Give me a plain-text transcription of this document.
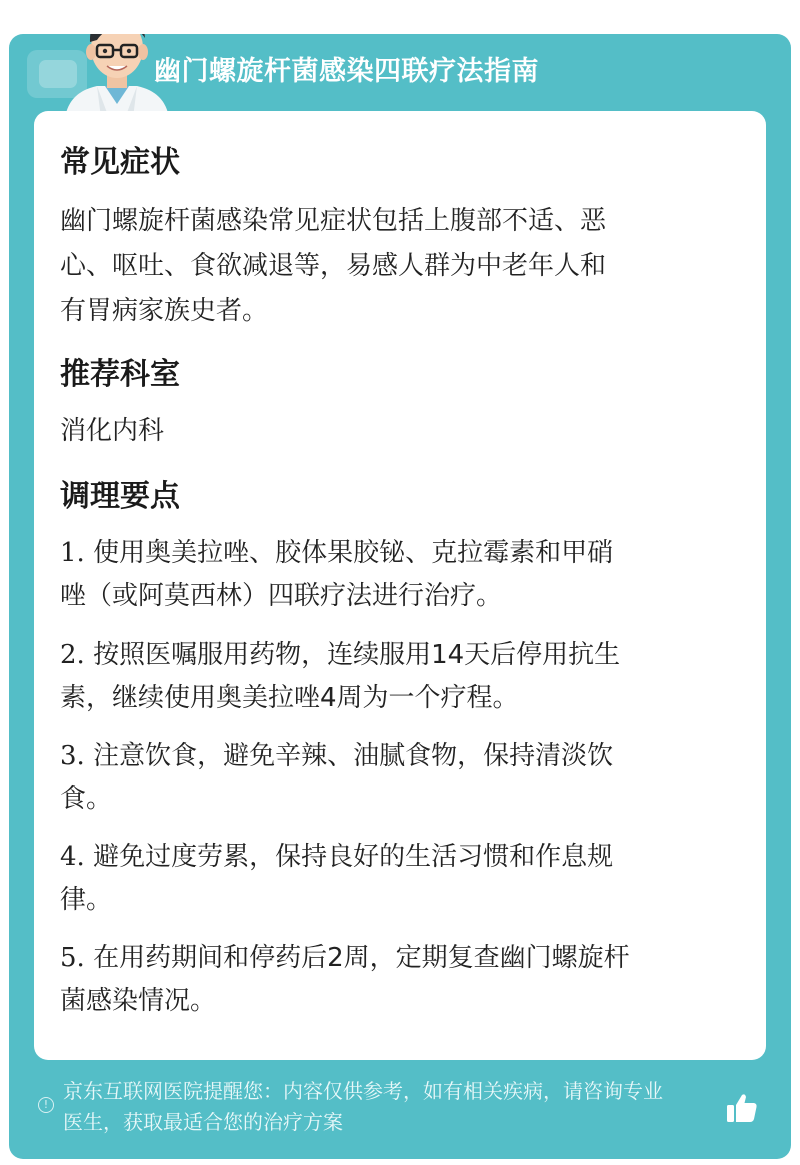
幽门螺旋杆菌感染四联疗法指南
常见症状
幽门螺旋杆菌感染常见症状包括上腹部不适、恶
心、呕吐、食欲减退等，易感人群为中老年人和
有胃病家族史者。
推荐科室
消化内科
调理要点
1. 使用奥美拉唑、胶体果胶铋、克拉霉素和甲硝
唑（或阿莫西林）四联疗法进行治疗。
2. 按照医嘱服用药物，连续服用14天后停用抗生
素，继续使用奥美拉唑4周为一个疗程。
3. 注意饮食，避免辛辣、油腻食物，保持清淡饮
食。
4. 避免过度劳累，保持良好的生活习惯和作息规
律。
5. 在用药期间和停药后2周，定期复查幽门螺旋杆
菌感染情况。
!
京东互联网医院提醒您：内容仅供参考，如有相关疾病，请咨询专业
医生，获取最适合您的治疗方案
